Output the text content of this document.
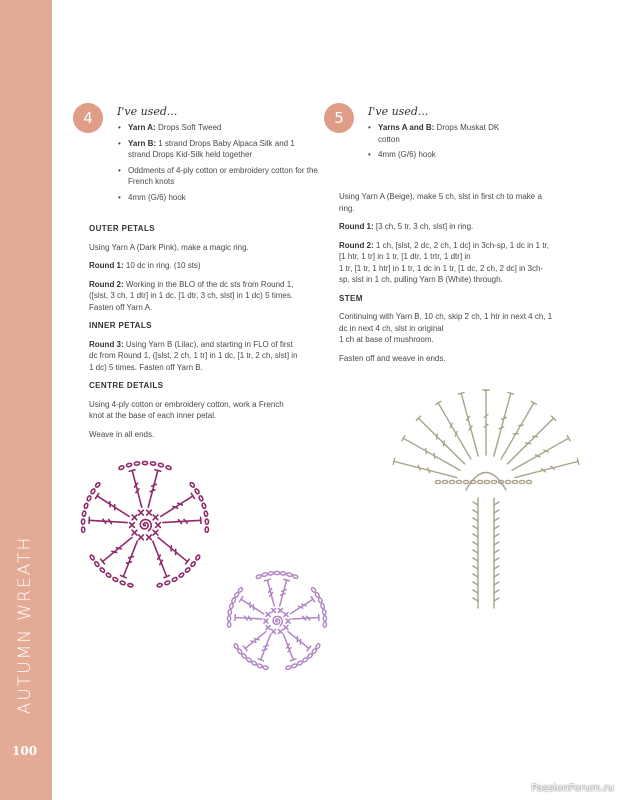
AUTUMN WREATH
100
4	I've used...
• Yarn A: Drops Soft Tweed
• Yarn B: 1 strand Drops Baby Alpaca Silk and 1 strand Drops Kid-Silk held together
• Oddments of 4-ply cotton or embroidery cotton for the French knots
• 4mm (G/6) hook
OUTER PETALS

Using Yarn A (Dark Pink), make a magic ring.

Round 1: 10 dc in ring. (10 sts)

Round 2: Working in the BLO of the dc sts from Round 1, ([slst, 3 ch, 1 dtr] in 1 dc, [1 dtr, 3 ch, slst] in 1 dc) 5 times. Fasten off Yarn A.

INNER PETALS

Round 3: Using Yarn B (Lilac), and starting in FLO of first dc from Round 1, ([slst, 2 ch, 1 tr] in 1 dc, [1 tr, 2 ch, slst] in 1 dc) 5 times. Fasten off Yarn B.

CENTRE DETAILS

Using 4-ply cotton or embroidery cotton, work a French knot at the base of each inner petal.

Weave in all ends.

5	I've used...
• Yarns A and B: Drops Muskat DK cotton
• 4mm (G/6) hook

Using Yarn A (Beige), make 5 ch, slst in first ch to make a ring.

Round 1: [3 ch, 5 tr, 3 ch, slst] in ring.

Round 2: 1 ch, [slst, 2 dc, 2 ch, 1 dc] in 3ch-sp, 1 dc in 1 tr, [1 htr, 1 tr] in 1 tr, [1 dtr, 1 trtr, 1 dtr] in

1 tr, [1 tr, 1 htr] in 1 tr, 1 dc in 1 tr, [1 dc, 2 ch, 2 dc] in 3ch-sp, slst in 1 ch, pulling Yarn B (White) through.

STEM

Continuing with Yarn B, 10 ch, skip 2 ch, 1 htr in next 4 ch, 1 dc in next 4 ch, slst in original

1 ch at base of mushroom.

Fasten off and weave in ends.

PassionForum.ru
